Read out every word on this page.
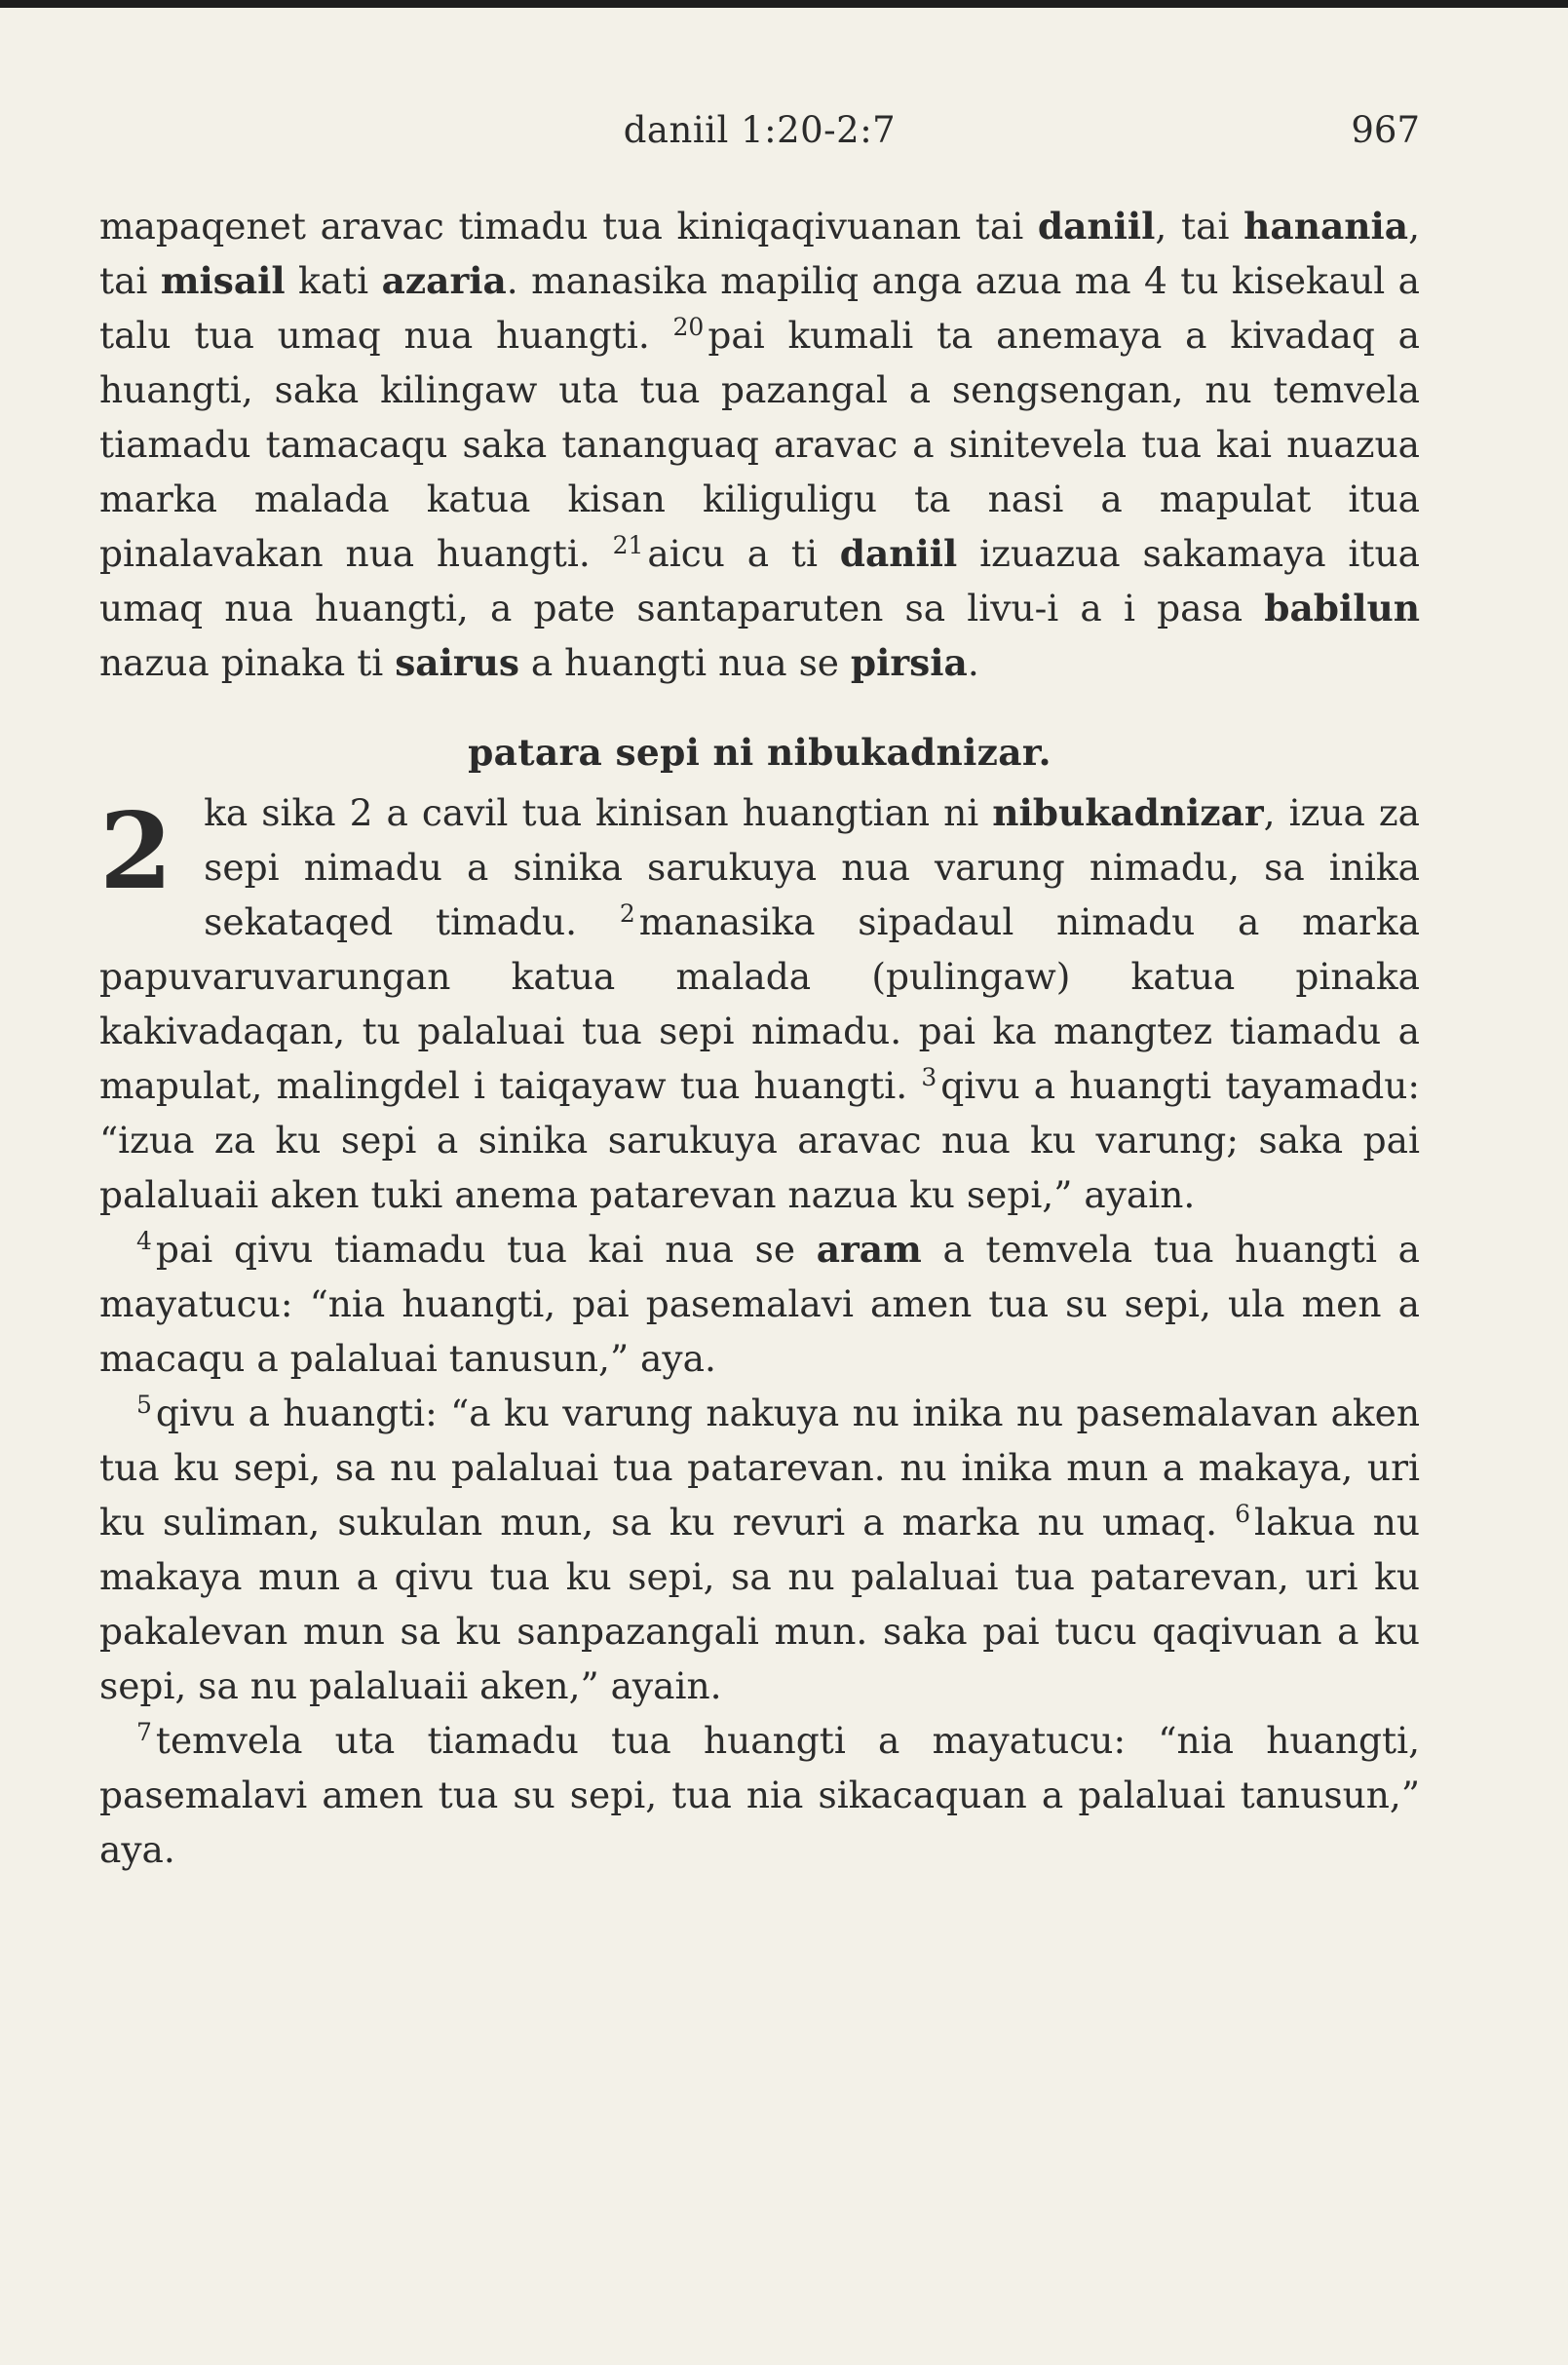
daniil 1:20-2:7	967

mapaqenet aravac timadu tua kiniqaqivuanan tai daniil, tai hanania, tai misail kati azaria. manasika mapiliq anga azua ma 4 tu kisekaul a talu tua umaq nua huangti. $^{20}$ pai kumali ta anemaya a kivadaq a huangti, saka kilingaw uta tua pazangal a sengsengan, nu temvela tiamadu tamacaqu saka tananguaq aravac a sinitevela tua kai nuazua marka malada katua kisan kiliguligu ta nasi a mapulat itua pinalavakan nua huangti. $^{21}$ aicu a ti daniil izuazua sakamaya itua umaq nua huangti, a pate santaparuten sa livu-i a i pasa babilun nazua pinaka ti sairus a huangti nua se pirsia.

patara sepi ni nibukadnizar.
2 ka sika 2 a cavil tua kinisan huangtian ni nibukadnizar, izua za sepi nimadu a sinika sarukuya nua varung nimadu, sa inika sekataqed timadu. $^2$ manasika sipadaul nimadu a marka papuvaruvarungan katua malada (pulingaw) katua pinaka kakivadaqan, tu palaluai tua sepi nimadu. pai ka mangtez tiamadu a mapulat, malingdel i taiqayaw tua huangti. $^3$ qivu a huangti tayamadu: “izua za ku sepi a sinika sarukuya aravac nua ku varung; saka pai palaluaii aken tuki anema patarevan nazua ku sepi,” ayain.

$^4$ pai qivu tiamadu tua kai nua se aram a temvela tua huangti a mayatucu: “nia huangti, pai pasemalavi amen tua su sepi, ula men a macaqu a palaluai tanusun,” aya.

$^5$ qivu a huangti: “a ku varung nakuya nu inika nu pasemalavan aken tua ku sepi, sa nu palaluai tua patarevan. nu inika mun a makaya, uri ku suliman, sukulan mun, sa ku revuri a marka nu umaq. $^6$ lakua nu makaya mun a qivu tua ku sepi, sa nu palaluai tua patarevan, uri ku pakalevan mun sa ku sanpazangali mun. saka pai tucu qaqivuan a ku sepi, sa nu palaluaii aken,” ayain.

$^7$ temvela uta tiamadu tua huangti a mayatucu: “nia huangti, pasemalavi amen tua su sepi, tua nia sikacaquan a palaluai tanusun,” aya.
